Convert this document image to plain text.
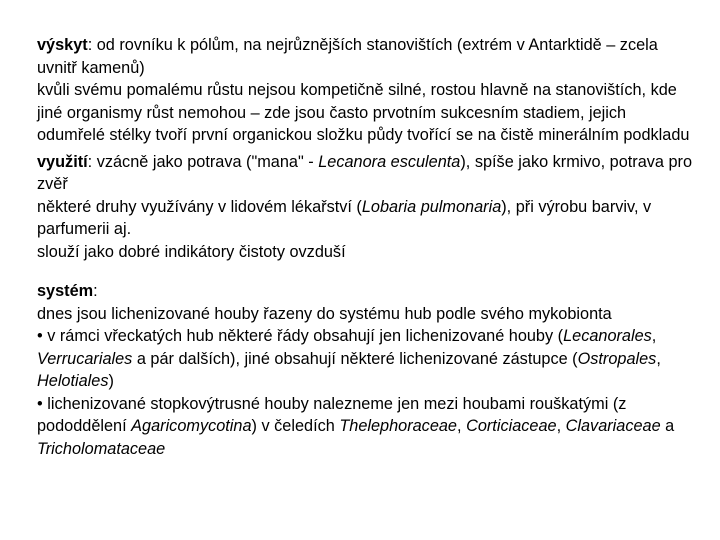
výskyt: od rovníku k pólům, na nejrůznějších stanovištích (extrém v Antarktidě – zcela uvnitř kamenů)
kvůli svému pomalému růstu nejsou kompetičně silné, rostou hlavně na stanovištích, kde jiné organismy růst nemohou – zde jsou často prvotním sukcesním stadiem, jejich odumřelé stélky tvoří první organickou složku půdy tvořící se na čistě minerálním podkladu
využití: vzácně jako potrava ("mana" - Lecanora esculenta), spíše jako krmivo, potrava pro zvěř
některé druhy využívány v lidovém lékařství (Lobaria pulmonaria), při výrobu barviv, v parfumerii aj.
slouží jako dobré indikátory čistoty ovzduší
systém:
dnes jsou lichenizované houby řazeny do systému hub podle svého mykobionta
• v rámci vřeckatých hub některé řády obsahují jen lichenizované houby (Lecanorales, Verrucariales a pár dalších), jiné obsahují některé lichenizované zástupce (Ostropales, Helotiales)
• lichenizované stopkovýtrusné houby nalezneme jen mezi houbami rouškatými (z pododdělení Agaricomycotina) v čeledích Thelephoraceae, Corticiaceae, Clavariaceae a Tricholomataceae
